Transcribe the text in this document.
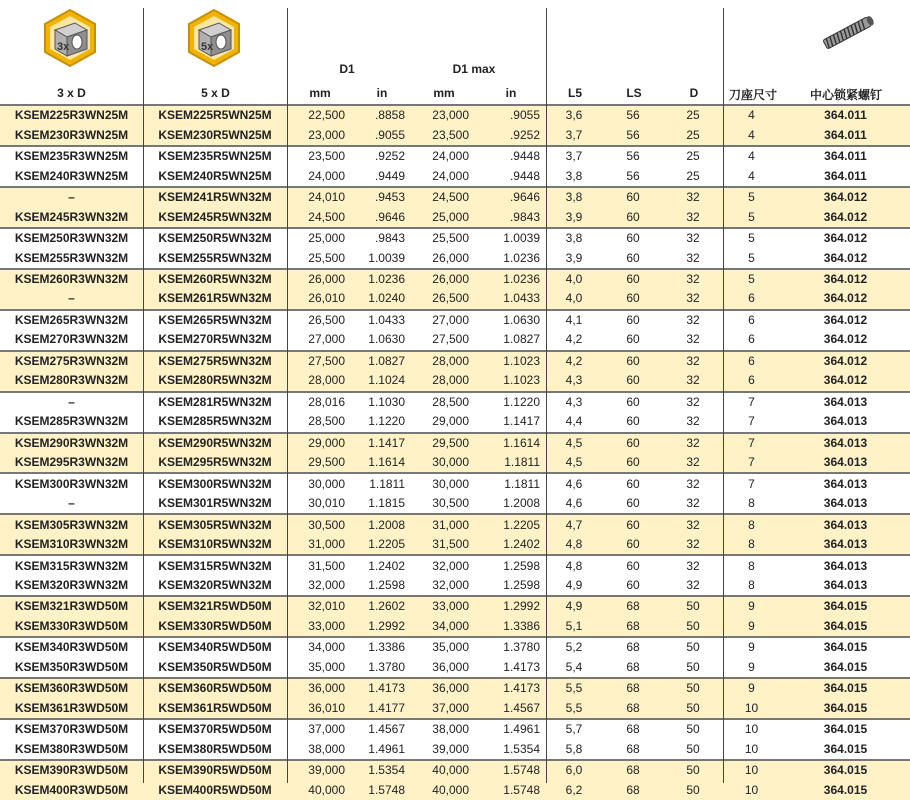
3x	5x
3 x D	5 x D
D1	D1 max
mm	in	mm	in	L5	LS	D	刀座尺寸	中心锁紧螺钉
KSEM225R3WN25M	KSEM225R5WN25M	22,500	.8858	23,000	.9055	3,6	56	25	4	364.011
KSEM230R3WN25M	KSEM230R5WN25M	23,000	.9055	23,500	.9252	3,7	56	25	4	364.011
KSEM235R3WN25M	KSEM235R5WN25M	23,500	.9252	24,000	.9448	3,7	56	25	4	364.011
KSEM240R3WN25M	KSEM240R5WN25M	24,000	.9449	24,000	.9448	3,8	56	25	4	364.011
–	KSEM241R5WN32M	24,010	.9453	24,500	.9646	3,8	60	32	5	364.012
KSEM245R3WN32M	KSEM245R5WN32M	24,500	.9646	25,000	.9843	3,9	60	32	5	364.012
KSEM250R3WN32M	KSEM250R5WN32M	25,000	.9843	25,500	1.0039	3,8	60	32	5	364.012
KSEM255R3WN32M	KSEM255R5WN32M	25,500	1.0039	26,000	1.0236	3,9	60	32	5	364.012
KSEM260R3WN32M	KSEM260R5WN32M	26,000	1.0236	26,000	1.0236	4,0	60	32	5	364.012
–	KSEM261R5WN32M	26,010	1.0240	26,500	1.0433	4,0	60	32	6	364.012
KSEM265R3WN32M	KSEM265R5WN32M	26,500	1.0433	27,000	1.0630	4,1	60	32	6	364.012
KSEM270R3WN32M	KSEM270R5WN32M	27,000	1.0630	27,500	1.0827	4,2	60	32	6	364.012
KSEM275R3WN32M	KSEM275R5WN32M	27,500	1.0827	28,000	1.1023	4,2	60	32	6	364.012
KSEM280R3WN32M	KSEM280R5WN32M	28,000	1.1024	28,000	1.1023	4,3	60	32	6	364.012
–	KSEM281R5WN32M	28,016	1.1030	28,500	1.1220	4,3	60	32	7	364.013
KSEM285R3WN32M	KSEM285R5WN32M	28,500	1.1220	29,000	1.1417	4,4	60	32	7	364.013
KSEM290R3WN32M	KSEM290R5WN32M	29,000	1.1417	29,500	1.1614	4,5	60	32	7	364.013
KSEM295R3WN32M	KSEM295R5WN32M	29,500	1.1614	30,000	1.1811	4,5	60	32	7	364.013
KSEM300R3WN32M	KSEM300R5WN32M	30,000	1.1811	30,000	1.1811	4,6	60	32	7	364.013
–	KSEM301R5WN32M	30,010	1.1815	30,500	1.2008	4,6	60	32	8	364.013
KSEM305R3WN32M	KSEM305R5WN32M	30,500	1.2008	31,000	1.2205	4,7	60	32	8	364.013
KSEM310R3WN32M	KSEM310R5WN32M	31,000	1.2205	31,500	1.2402	4,8	60	32	8	364.013
KSEM315R3WN32M	KSEM315R5WN32M	31,500	1.2402	32,000	1.2598	4,8	60	32	8	364.013
KSEM320R3WN32M	KSEM320R5WN32M	32,000	1.2598	32,000	1.2598	4,9	60	32	8	364.013
KSEM321R3WD50M	KSEM321R5WD50M	32,010	1.2602	33,000	1.2992	4,9	68	50	9	364.015
KSEM330R3WD50M	KSEM330R5WD50M	33,000	1.2992	34,000	1.3386	5,1	68	50	9	364.015
KSEM340R3WD50M	KSEM340R5WD50M	34,000	1.3386	35,000	1.3780	5,2	68	50	9	364.015
KSEM350R3WD50M	KSEM350R5WD50M	35,000	1.3780	36,000	1.4173	5,4	68	50	9	364.015
KSEM360R3WD50M	KSEM360R5WD50M	36,000	1.4173	36,000	1.4173	5,5	68	50	9	364.015
KSEM361R3WD50M	KSEM361R5WD50M	36,010	1.4177	37,000	1.4567	5,5	68	50	10	364.015
KSEM370R3WD50M	KSEM370R5WD50M	37,000	1.4567	38,000	1.4961	5,7	68	50	10	364.015
KSEM380R3WD50M	KSEM380R5WD50M	38,000	1.4961	39,000	1.5354	5,8	68	50	10	364.015
KSEM390R3WD50M	KSEM390R5WD50M	39,000	1.5354	40,000	1.5748	6,0	68	50	10	364.015
KSEM400R3WD50M	KSEM400R5WD50M	40,000	1.5748	40,000	1.5748	6,2	68	50	10	364.015
